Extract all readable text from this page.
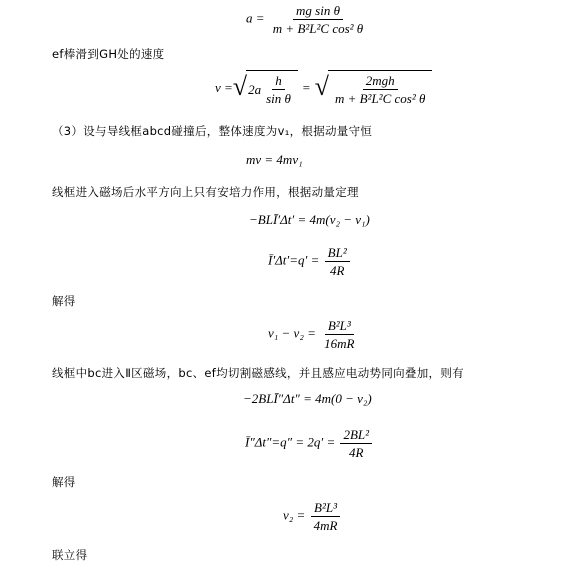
$a = \frac{\text{mg sin θ}}{\text{m + B²L²C cos² θ}}$
ef棒滑到GH处的速度
v = √ $2a \frac{h}{\text{sin θ}}$ = √ $\frac{\text{2mgh}}{\text{m + B²L²C cos² θ}}$
（3）设与导线框abcd碰撞后，整体速度为v₁，根据动量守恒
mv = 4mv₁
线框进入磁场后水平方向上只有安培力作用，根据动量定理
−BLĪ′Δt′ = 4m(v₂ − v₁)
Ī′Δt′=q′ = $\frac{\text{BL²}}{4R}$
解得
$v_1 - v_2 = \frac{\text{B²L³}}{16mR}$
线框中bc进入Ⅱ区磁场，bc、ef均切割磁感线，并且感应电动势同向叠加，则有
−2BLĪ″Δt″ = 4m(0 − v₂)
Ī″Δt″=q″ = $2q' = \frac{\text{2BL²}}{4R}$
解得
$v_2 = \frac{\text{B²L³}}{4mR}$
联立得
